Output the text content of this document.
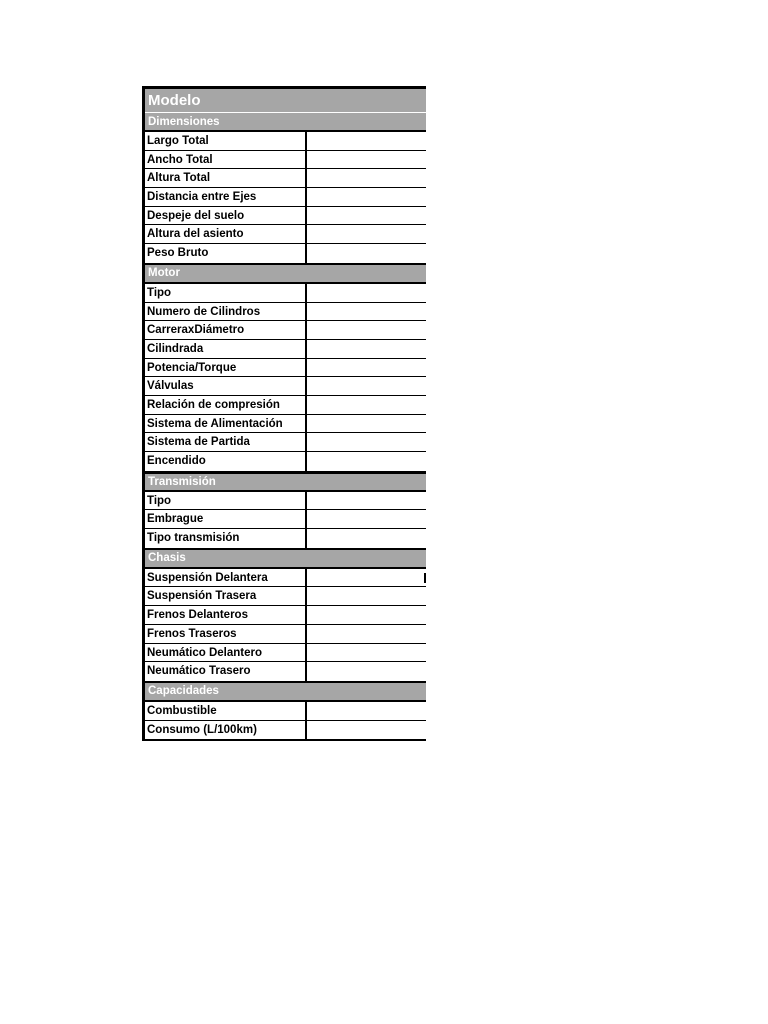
Modelo
Dimensiones
Largo Total
Ancho Total
Altura Total
Distancia entre Ejes
Despeje del suelo
Altura del asiento
Peso Bruto
Motor
Tipo
Numero de Cilindros
CarreraxDiámetro
Cilindrada
Potencia/Torque
Válvulas
Relación de compresión
Sistema de Alimentación
Sistema de Partida
Encendido
Transmisión
Tipo
Embrague
Tipo transmisión
Chasis
Suspensión Delantera
Suspensión Trasera
Frenos Delanteros
Frenos Traseros
Neumático Delantero
Neumático Trasero
Capacidades
Combustible
Consumo (L/100km)
